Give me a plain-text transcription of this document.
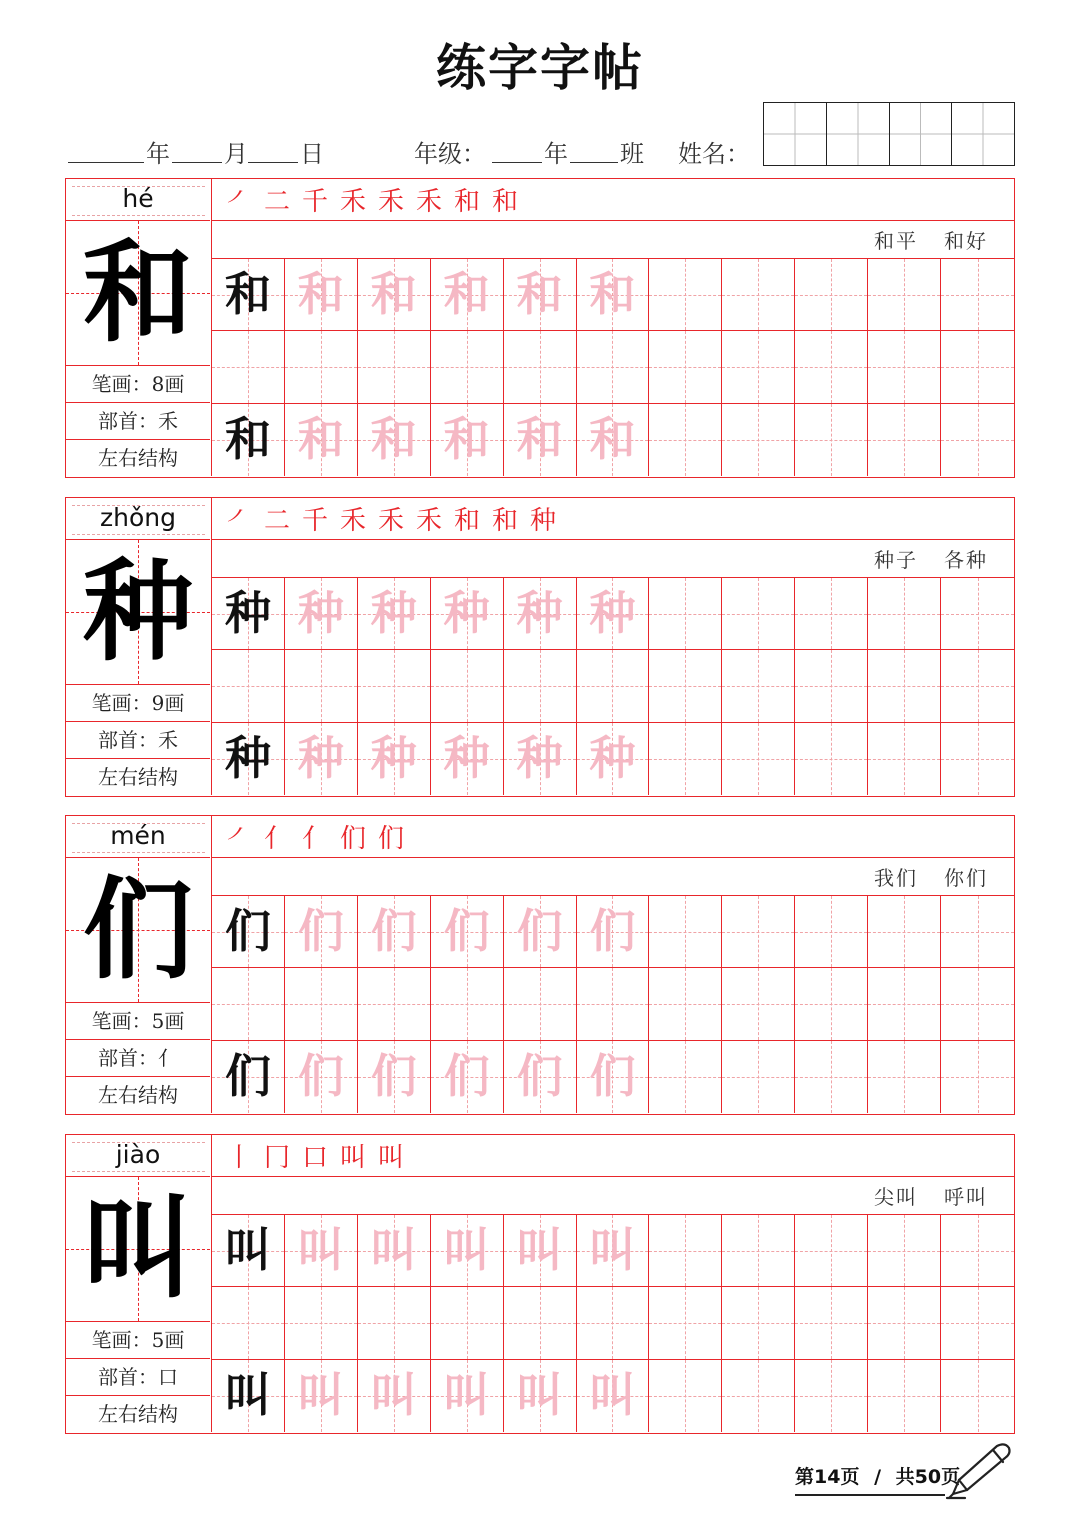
练字字帖
年 月 日	年级： 年 班 姓名：
hé
和
笔画：8画
部首：禾
左右结构
㇒ 二 千 禾 禾 禾 和 和
和平 和好
和 和 和 和 和 和
和 和 和 和 和 和
zhǒng
种
笔画：9画
部首：禾
左右结构
㇒ 二 千 禾 禾 禾 和 和 种
种子 各种
种 种 种 种 种 种
种 种 种 种 种 种
mén
们
笔画：5画
部首：亻
左右结构
㇒ 亻 亻 们 们
我们 你们
们 们 们 们 们 们
们 们 们 们 们 们
jiào
叫
笔画：5画
部首：口
左右结构
丨 冂 口 叫 叫
尖叫 呼叫
叫 叫 叫 叫 叫 叫
叫 叫 叫 叫 叫 叫
第14页 / 共50页
